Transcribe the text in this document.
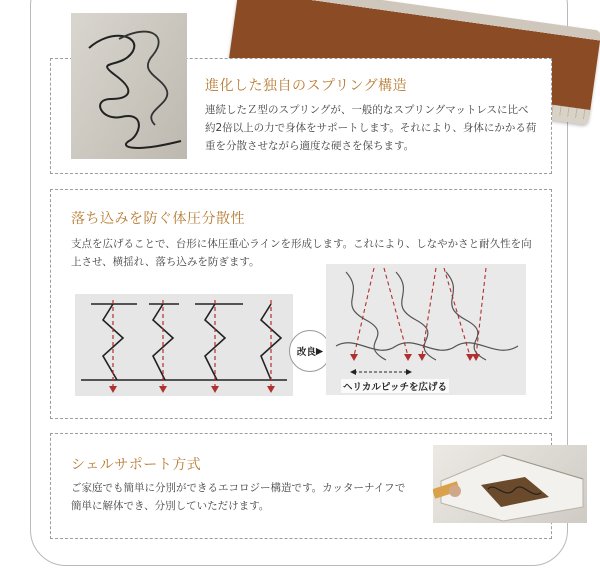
進化した独自のスプリング構造

連続したＺ型のスプリングが、一般的なスプリングマットレスに比べ約2倍以上の力で身体をサポートします。それにより、身体にかかる荷重を分散させながら適度な硬さを保ちます。

落ち込みを防ぐ体圧分散性

支点を広げることで、台形に体圧重心ラインを形成します。これにより、しなやかさと耐久性を向上させ、横揺れ、落ち込みを防ぎます。

改良 ▶
ヘリカルピッチを広げる
シェルサポート方式

ご家庭でも簡単に分別ができるエコロジー構造です。カッターナイフで簡単に解体でき、分別していただけます。
